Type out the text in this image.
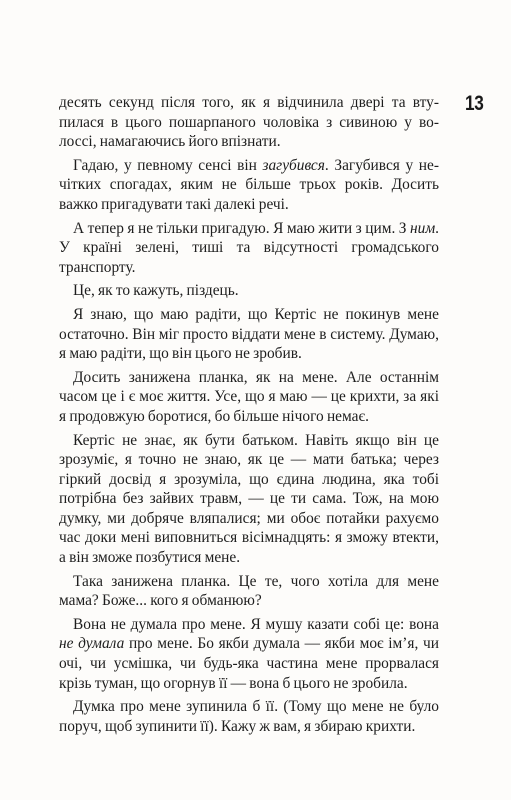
13

десять секунд після того, як я відчинила двері та втупилася в цього пошарпаного чоловіка з сивиною у волоссі, намагаючись його впізнати.

Гадаю, у певному сенсі він загубився. Загубився у нечітких спогадах, яким не більше трьох років. Досить важко пригадувати такі далекі речі.

А тепер я не тільки пригадую. Я маю жити з цим. З ним. У країні зелені, тиші та відсутності громадського транспорту.

Це, як то кажуть, піздець.

Я знаю, що маю радіти, що Кертіс не покинув мене остаточно. Він міг просто віддати мене в систему. Думаю, я маю радіти, що він цього не зробив.

Досить занижена планка, як на мене. Але останнім часом це і є моє життя. Усе, що я маю — це крихти, за які я продовжую боротися, бо більше нічого немає.

Кертіс не знає, як бути батьком. Навіть якщо він це зрозуміє, я точно не знаю, як це — мати батька; через гіркий досвід я зрозуміла, що єдина людина, яка тобі потрібна без зайвих травм, — це ти сама. Тож, на мою думку, ми добряче вляпалися; ми обоє потайки рахуємо час доки мені виповниться вісімнадцять: я зможу втекти, а він зможе позбутися мене.

Така занижена планка. Це те, чого хотіла для мене мама? Боже... кого я обманюю?

Вона не думала про мене. Я мушу казати собі це: вона не думала про мене. Бо якби думала — якби моє ім’я, чи очі, чи усмішка, чи будь-яка частина мене прорвалася крізь туман, що огорнув її — вона б цього не зробила.

Думка про мене зупинила б її. (Тому що мене не було поруч, щоб зупинити її). Кажу ж вам, я збираю крихти.
